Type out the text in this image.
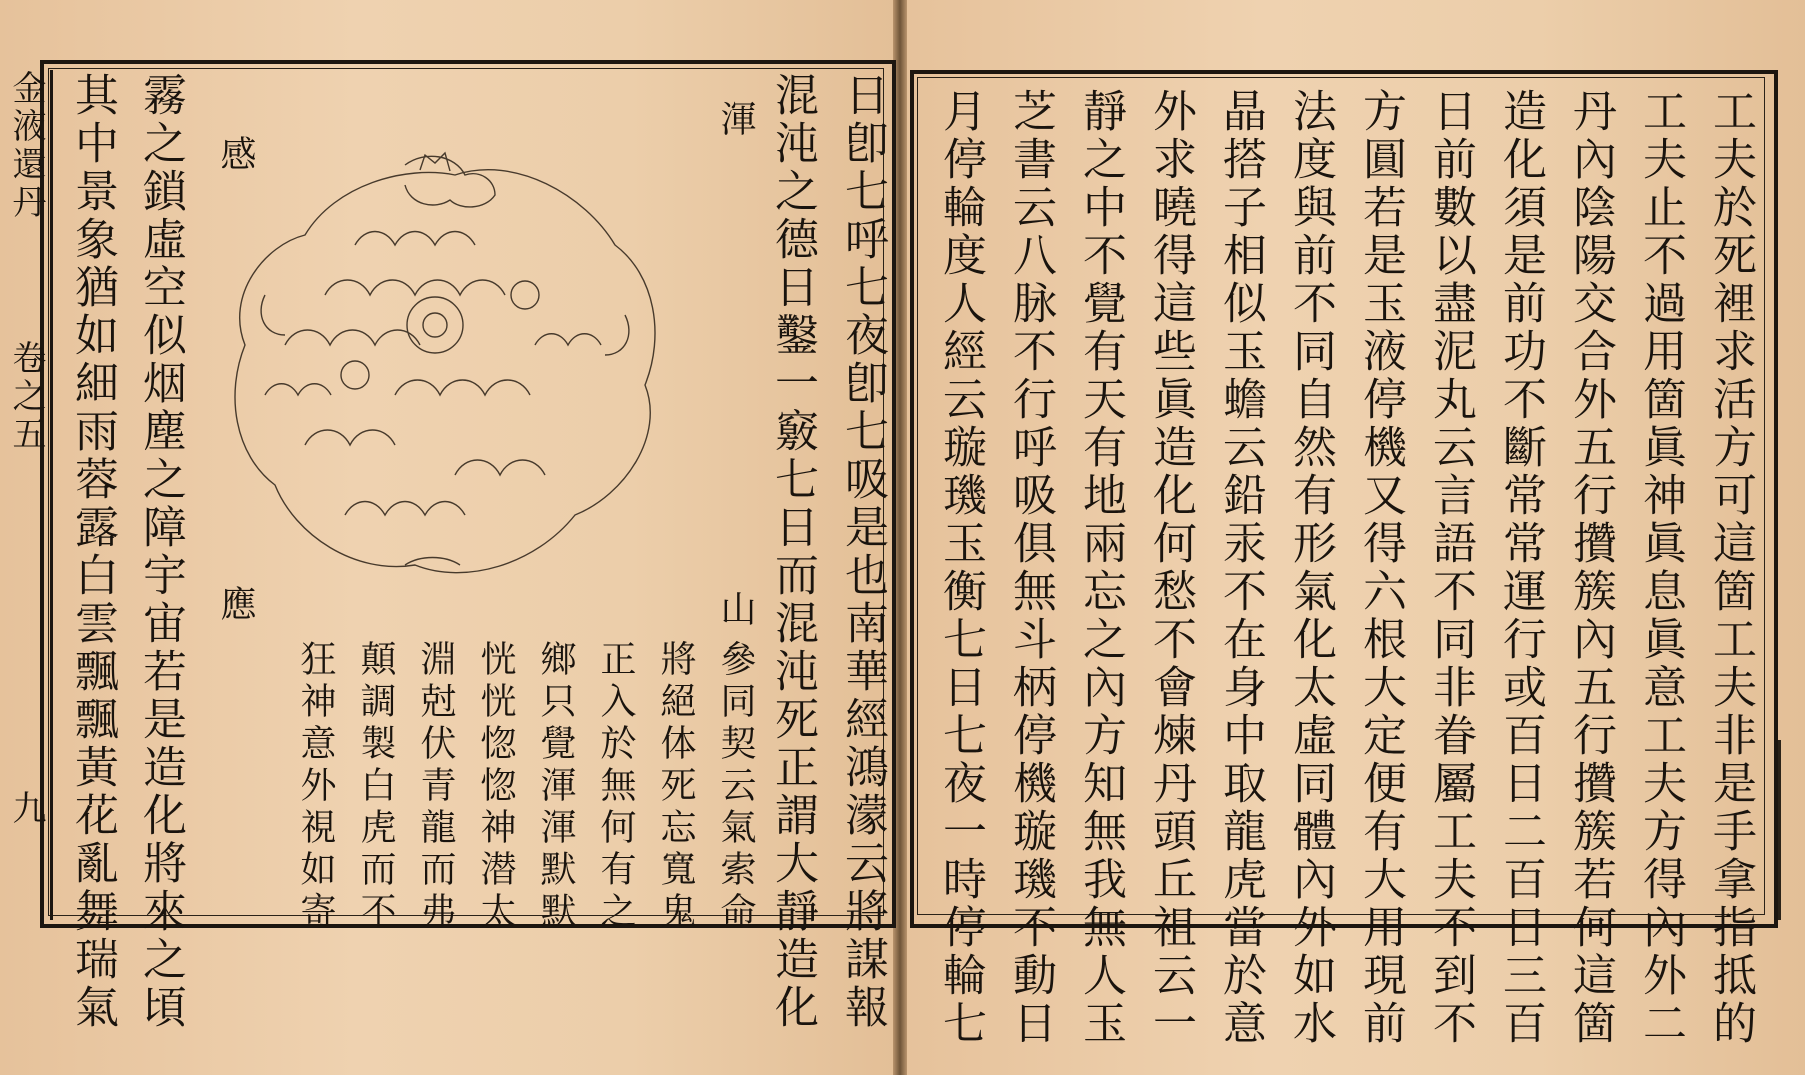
工夫於死裡求活方可這箇工夫非是手拿指抵的
工夫止不過用箇眞神眞息眞意工夫方得內外二
丹內陰陽交合外五行攢簇內五行攢簇若何這箇
造化須是前功不斷常常運行或百日二百日三百
日前數以盡泥丸云言語不同非眷屬工夫不到不
方圓若是玉液停機又得六根大定便有大用現前
法度與前不同自然有形氣化太虛同體內外如水
晶搭子相似玉蟾云鉛汞不在身中取龍虎當於意
外求曉得這些眞造化何愁不會煉丹頭丘祖云一
靜之中不覺有天有地兩忘之內方知無我無人玉
芝書云八脉不行呼吸俱無斗柄停機璇璣不動日
月停輪度人經云璇璣玉衡七日七夜一時停輪七
日卽七呼七夜卽七吸是也南華經鴻濛云將謀報
混沌之德日鑿一竅七日而混沌死正謂大靜造化
渾
山
參同契云氣索命
將絕体死忘寬鬼
正入於無何有之
鄉只覺渾渾默默
恍恍惚惚神潜太
淵尅伏青龍而弗
顛調製白虎而不
狂神意外視如寄
感
應
霧之鎖虛空似烟塵之障宇宙若是造化將來之頃
其中景象猶如細雨蓉露白雲飄飄黃花亂舞瑞氣
金液還丹
卷之五
九
